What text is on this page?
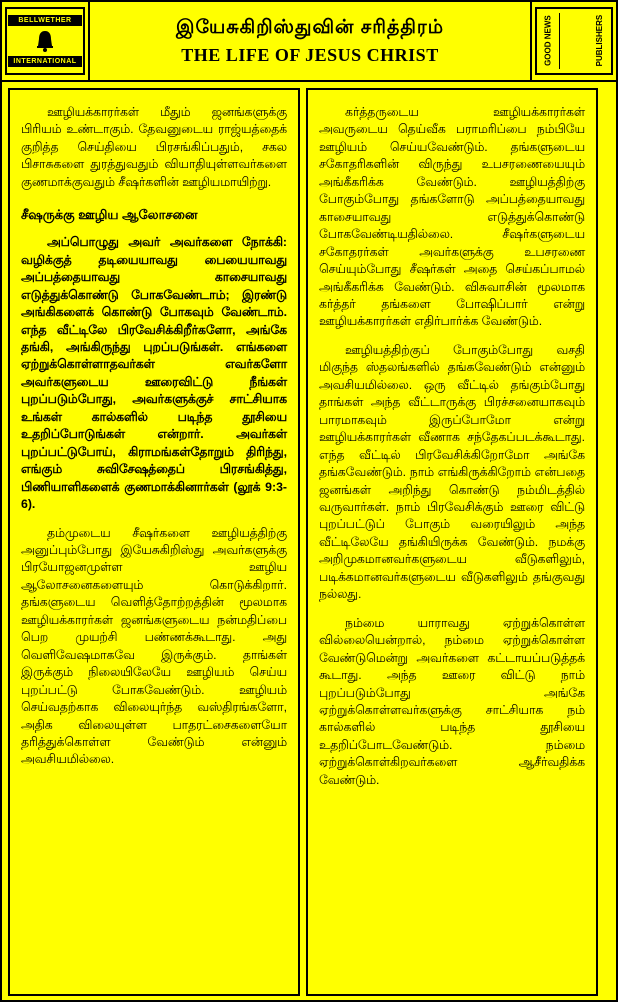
BELLWETHER
INTERNATIONAL
இயேசுகிறிஸ்துவின் சரித்திரம்
THE LIFE OF JESUS CHRIST	GOOD NEWS	PUBLISHERS

ஊழியக்காரர்கள் மீதும் ஜனங்களுக்கு பிரியம் உண்டாகும். தேவனுடைய ராஜ்யத்தைக் குறித்த செய்தியை பிரசங்கிப்பதும், சகல பிசாசுகளை துரத்துவதும் வியாதியுள்ளவர்களை குணமாக்குவதும் சீஷர்களின் ஊழியமாயிற்று.

சீஷருக்கு ஊழிய ஆலோசனை

அப்பொழுது அவர் அவர்களை நோக்கி: வழிக்குத் தடியையாவது பையையாவது அப்பத்தையாவது காசையாவது எடுத்துக்கொண்டு போகவேண்டாம்; இரண்டு அங்கிகளைக் கொண்டு போகவும் வேண்டாம். எந்த வீட்டிலே பிரவேசிக்கிறீர்களோ, அங்கே தங்கி, அங்கிருந்து புறப்படுங்கள். எங்களை ஏற்றுக்கொள்ளாதவர்கள் எவர்களோ அவர்களுடைய ஊரைவிட்டு நீங்கள் புறப்படும்போது, அவர்களுக்குச் சாட்சியாக உங்கள் கால்களில் படிந்த தூசியை உதறிப்போடுங்கள் என்றார். அவர்கள் புறப்பட்டுபோய், கிராமங்கள்தோறும் திரிந்து, எங்கும் சுவிசேஷத்தைப் பிரசங்கித்து, பிணியாளிகளைக் குணமாக்கினார்கள் (லூக் 9:3-6).

தம்முடைய சீஷர்களை ஊழியத்திற்கு அனுப்பும்போது இயேசுகிறிஸ்து அவர்களுக்கு பிரயோஜனமுள்ள ஊழிய ஆலோசனைகளையும் கொடுக்கிறார். தங்களுடைய வெளித்தோற்றத்தின் மூலமாக ஊழியக்காரர்கள் ஜனங்களுடைய நன்மதிப்பை பெற முயற்சி பண்ணக்கூடாது. அது வெளிவேஷமாகவே இருக்கும். தாங்கள் இருக்கும் நிலையிலேயே ஊழியம் செய்ய புறப்பட்டு போகவேண்டும். ஊழியம் செய்வதற்காக விலையுர்ந்த வஸ்திரங்களோ, அதிக விலையுள்ள பாதரட்சைகளையோ தரித்துக்கொள்ள வேண்டும் என்னும் அவசியமில்லை.

கர்த்தருடைய ஊழியக்காரர்கள் அவருடைய தெய்வீக பராமரிப்பை நம்பியே ஊழியம் செய்யவேண்டும். தங்களுடைய சகோதரிகளின் விருந்து உபசரணையையும் அங்கீகரிக்க வேண்டும். ஊழியத்திற்கு போகும்போது தங்களோடு அப்பத்தையாவது காசையாவது எடுத்துக்கொண்டு போகவேண்டியதில்லை. சீஷர்களுடைய சகோதரர்கள் அவர்களுக்கு உபசரணை செய்யும்போது சீஷர்கள் அதை செய்கப்பாமல் அங்கீகரிக்க வேண்டும். விசுவாசின் மூலமாக கர்த்தர் தங்களை போஷிப்பார் என்று ஊழியக்காரர்கள் எதிர்பார்க்க வேண்டும்.

ஊழியத்திற்குப் போகும்போது வசதி மிகுந்த ஸ்தலங்களில் தங்கவேண்டும் என்னும் அவசியமில்லை. ஒரு வீட்டில் தங்கும்போது தாங்கள் அந்த வீட்டாருக்கு பிரச்சனையாகவும் பாரமாகவும் இருப்போமோ என்று ஊழியக்காரர்கள் வீணாக சந்தேகப்படக்கூடாது. எந்த வீட்டில் பிரவேசிக்கிறோமோ அங்கே தங்கவேண்டும். நாம் எங்கிருக்கிறோம் என்பதை ஜனங்கள் அறிந்து கொண்டு நம்மிடத்தில் வருவார்கள். நாம் பிரவேசிக்கும் ஊரை விட்டு புறப்பட்டுப் போகும் வரையிலும் அந்த வீட்டிலேயே தங்கியிருக்க வேண்டும். நமக்கு அறிமுகமானவர்களுடைய வீடுகளிலும், படிக்கமானவர்களுடைய வீடுகளிலும் தங்குவது நல்லது.

நம்மை யாராவது ஏற்றுக்கொள்ள வில்லையென்றால், நம்மை ஏற்றுக்கொள்ள வேண்டுமென்று அவர்களை கட்டாயப்படுத்தக் கூடாது. அந்த ஊரை விட்டு நாம் புறப்படும்போது அங்கே ஏற்றுக்கொள்ளவர்களுக்கு சாட்சியாக நம் கால்களில் படிந்த தூசியை உதறிப்போடவேண்டும். நம்மை ஏற்றுக்கொள்கிறவர்களை ஆசீர்வதிக்க வேண்டும்.
